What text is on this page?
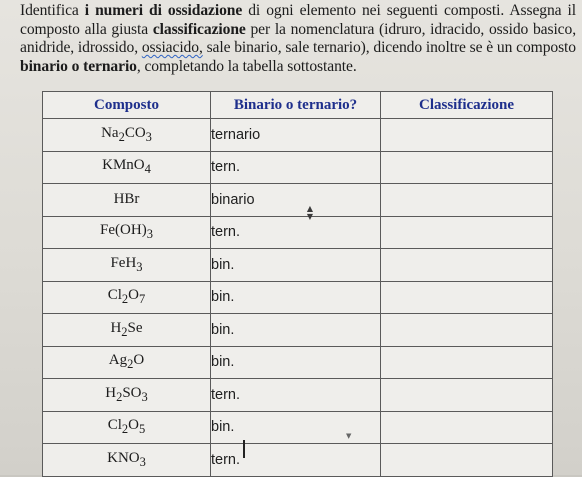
Identifica i numeri di ossidazione di ogni elemento nei seguenti composti. Assegna il composto alla giusta classificazione per la nomenclatura (idruro, idracido, ossido basico, anidride, idrossido, ossiacido, sale binario, sale ternario), dicendo inoltre se è un composto binario o ternario, completando la tabella sottostante.
Composto	Binario o ternario?	Classificazione
$Na_2CO_3$	ternario	
KMnO$_4$	tern.	
HBr	binario	
$Fe(OH)_3$	tern.	
FeH$_3$	bin.	
$Cl_2O_7$	bin.	
$H_2Se$	bin.	
$Ag_2O$	bin.	
$H_2SO_3$	tern.	
$Cl_2O_5$	bin.	
$KNO_3$	tern.	
▲
▼
▼
